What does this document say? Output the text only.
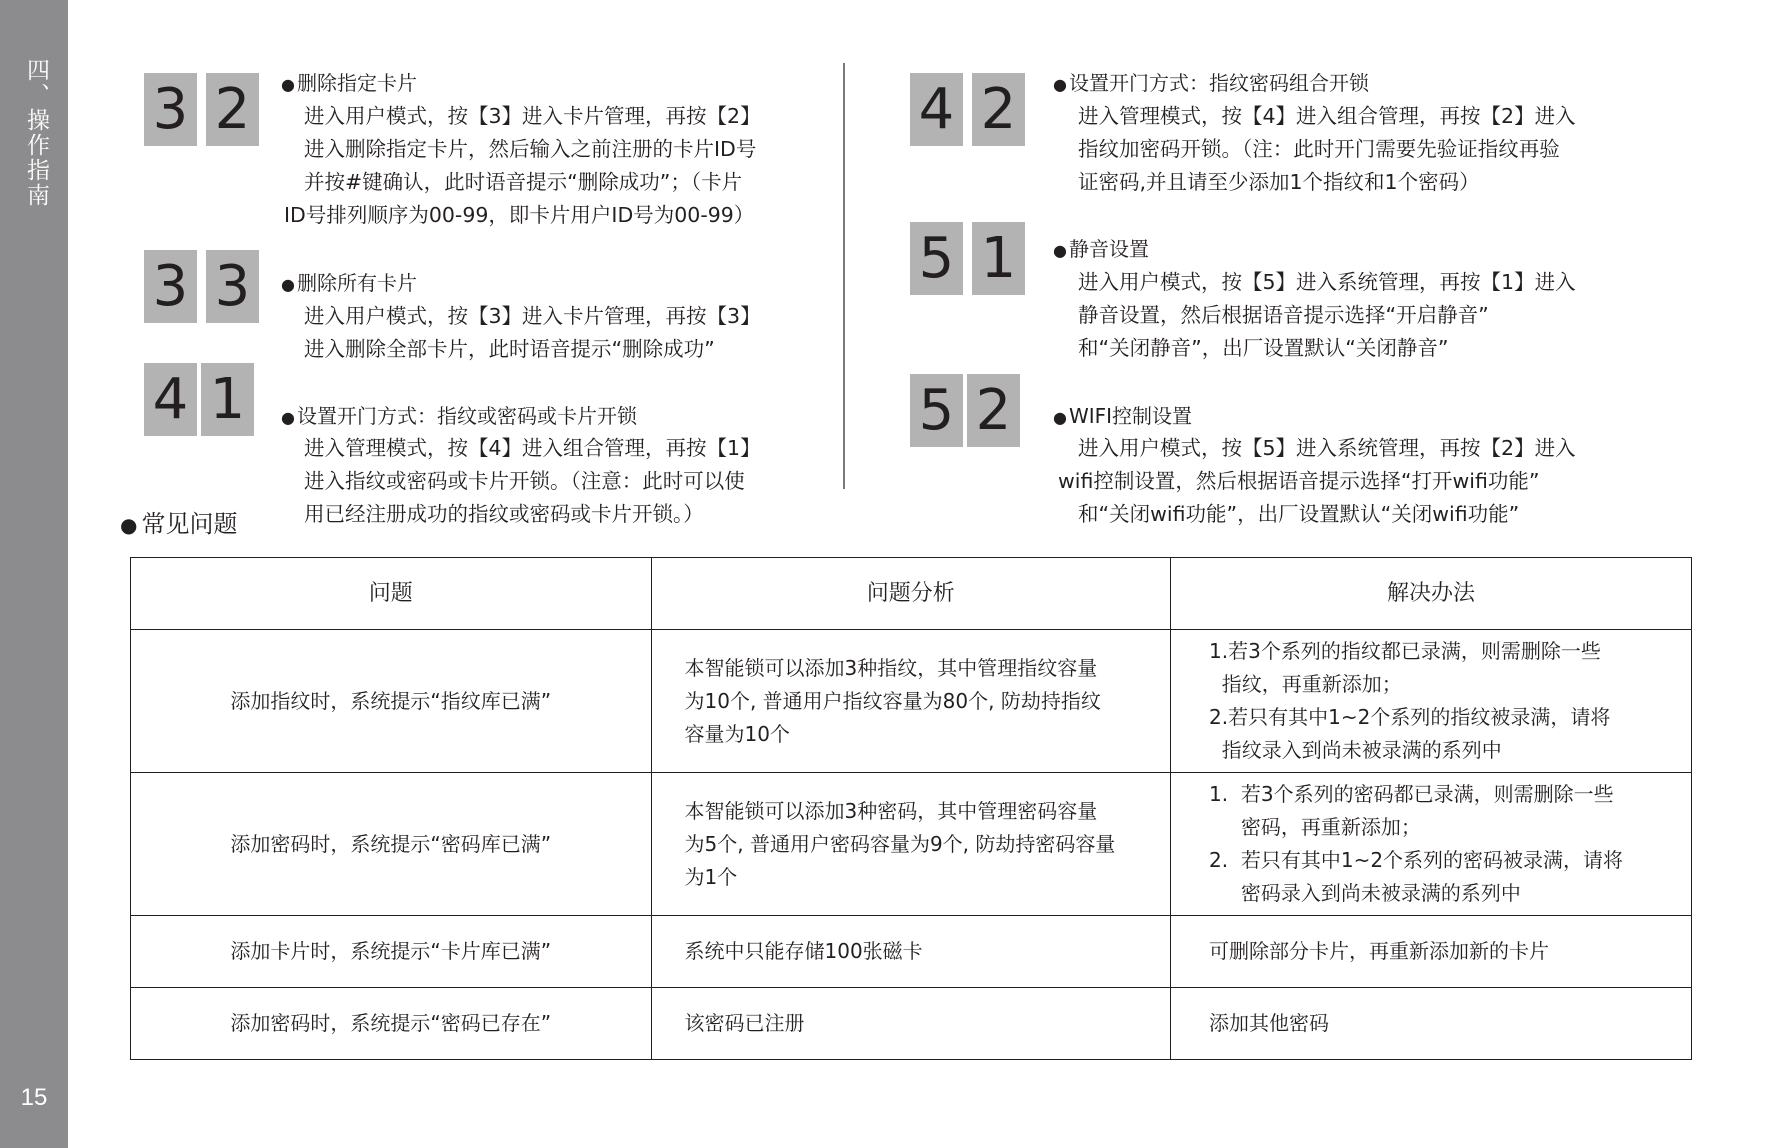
四、操作指南
15
3 2	● 删除指定卡片
进入用户模式，按【3】进入卡片管理，再按【2】
进入删除指定卡片，然后输入之前注册的卡片ID号
并按#键确认，此时语音提示“删除成功”；（卡片
ID号排列顺序为00-99，即卡片用户ID号为00-99）
3 3	● 删除所有卡片
进入用户模式，按【3】进入卡片管理，再按【3】
进入删除全部卡片，此时语音提示“删除成功”
4 1	● 设置开门方式：指纹或密码或卡片开锁
进入管理模式，按【4】进入组合管理，再按【1】
进入指纹或密码或卡片开锁。（注意：此时可以使
用已经注册成功的指纹或密码或卡片开锁。）
4 2	● 设置开门方式：指纹密码组合开锁
进入管理模式，按【4】进入组合管理，再按【2】进入
指纹加密码开锁。（注：此时开门需要先验证指纹再验
证密码,并且请至少添加1个指纹和1个密码）
5 1	● 静音设置
进入用户模式，按【5】进入系统管理，再按【1】进入
静音设置，然后根据语音提示选择“开启静音”
和“关闭静音”，出厂设置默认“关闭静音”
5 2	● WIFI控制设置
进入用户模式，按【5】进入系统管理，再按【2】进入
wifi控制设置，然后根据语音提示选择“打开wifi功能”
和“关闭wifi功能”，出厂设置默认“关闭wifi功能”
● 常见问题
问题	问题分析	解决办法
添加指纹时，系统提示“指纹库已满”	本智能锁可以添加3种指纹，其中管理指纹容量
为10个, 普通用户指纹容量为80个, 防劫持指纹
容量为10个	1.若3个系列的指纹都已录满，则需删除一些
指纹，再重新添加；
2.若只有其中1~2个系列的指纹被录满，请将
指纹录入到尚未被录满的系列中

添加密码时，系统提示“密码库已满”	本智能锁可以添加3种密码，其中管理密码容量
为5个, 普通用户密码容量为9个, 防劫持密码容量
为1个	1.  若3个系列的密码都已录满，则需删除一些
密码，再重新添加；
2.  若只有其中1~2个系列的密码被录满，请将
密码录入到尚未被录满的系列中

添加卡片时，系统提示“卡片库已满”	系统中只能存储100张磁卡	可删除部分卡片，再重新添加新的卡片

添加密码时，系统提示“密码已存在”	该密码已注册	添加其他密码
